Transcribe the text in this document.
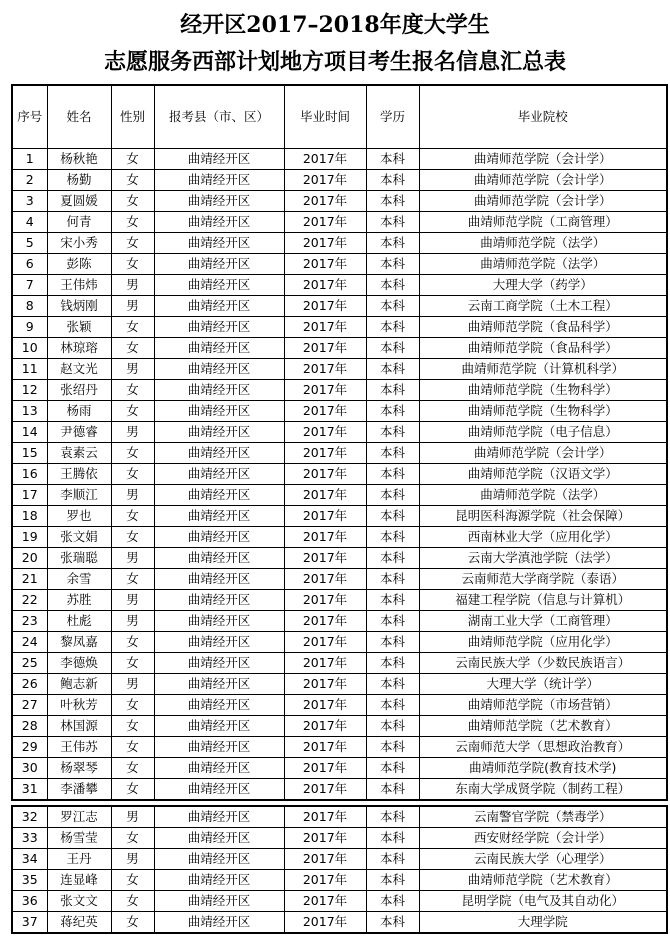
经开区2017–2018年度大学生
志愿服务西部计划地方项目考生报名信息汇总表
序号	姓名	性别	报考县（市、区）	毕业时间	学历	毕业院校
1	杨秋艳	女	曲靖经开区	2017年	本科	曲靖师范学院（会计学）
2	杨勤	女	曲靖经开区	2017年	本科	曲靖师范学院（会计学）
3	夏圆媛	女	曲靖经开区	2017年	本科	曲靖师范学院（会计学）
4	何青	女	曲靖经开区	2017年	本科	曲靖师范学院（工商管理）
5	宋小秀	女	曲靖经开区	2017年	本科	曲靖师范学院（法学）
6	彭陈	女	曲靖经开区	2017年	本科	曲靖师范学院（法学）
7	王伟炜	男	曲靖经开区	2017年	本科	大理大学（药学）
8	钱炳刚	男	曲靖经开区	2017年	本科	云南工商学院（土木工程）
9	张颖	女	曲靖经开区	2017年	本科	曲靖师范学院（食品科学）
10	林琼瑢	女	曲靖经开区	2017年	本科	曲靖师范学院（食品科学）
11	赵文光	男	曲靖经开区	2017年	本科	曲靖师范学院（计算机科学）
12	张绍丹	女	曲靖经开区	2017年	本科	曲靖师范学院（生物科学）
13	杨雨	女	曲靖经开区	2017年	本科	曲靖师范学院（生物科学）
14	尹德睿	男	曲靖经开区	2017年	本科	曲靖师范学院（电子信息）
15	袁素云	女	曲靖经开区	2017年	本科	曲靖师范学院（会计学）
16	王腾依	女	曲靖经开区	2017年	本科	曲靖师范学院（汉语文学）
17	李顺江	男	曲靖经开区	2017年	本科	曲靖师范学院（法学）
18	罗也	女	曲靖经开区	2017年	本科	昆明医科海源学院（社会保障）
19	张文娟	女	曲靖经开区	2017年	本科	西南林业大学（应用化学）
20	张瑞聪	男	曲靖经开区	2017年	本科	云南大学滇池学院（法学）
21	余雪	女	曲靖经开区	2017年	本科	云南师范大学商学院（泰语）
22	苏胜	男	曲靖经开区	2017年	本科	福建工程学院（信息与计算机）
23	杜彪	男	曲靖经开区	2017年	本科	湖南工业大学（工商管理）
24	黎凤嘉	女	曲靖经开区	2017年	本科	曲靖师范学院（应用化学）
25	李德焕	女	曲靖经开区	2017年	本科	云南民族大学（少数民族语言）
26	鲍志新	男	曲靖经开区	2017年	本科	大理大学（统计学）
27	叶秋芳	女	曲靖经开区	2017年	本科	曲靖师范学院（市场营销）
28	林国源	女	曲靖经开区	2017年	本科	曲靖师范学院（艺术教育）
29	王伟苏	女	曲靖经开区	2017年	本科	云南师范大学（思想政治教育）
30	杨翠琴	女	曲靖经开区	2017年	本科	曲靖师范学院(教育技术学)
31	李潘攀	女	曲靖经开区	2017年	本科	东南大学成贤学院（制药工程）
32	罗江志	男	曲靖经开区	2017年	本科	云南警官学院（禁毒学）
33	杨雪莹	女	曲靖经开区	2017年	本科	西安财经学院（会计学）
34	王丹	男	曲靖经开区	2017年	本科	云南民族大学（心理学）
35	连显峰	女	曲靖经开区	2017年	本科	曲靖师范学院（艺术教育）
36	张文文	女	曲靖经开区	2017年	本科	昆明学院（电气及其自动化）
37	蒋纪英	女	曲靖经开区	2017年	本科	大理学院
